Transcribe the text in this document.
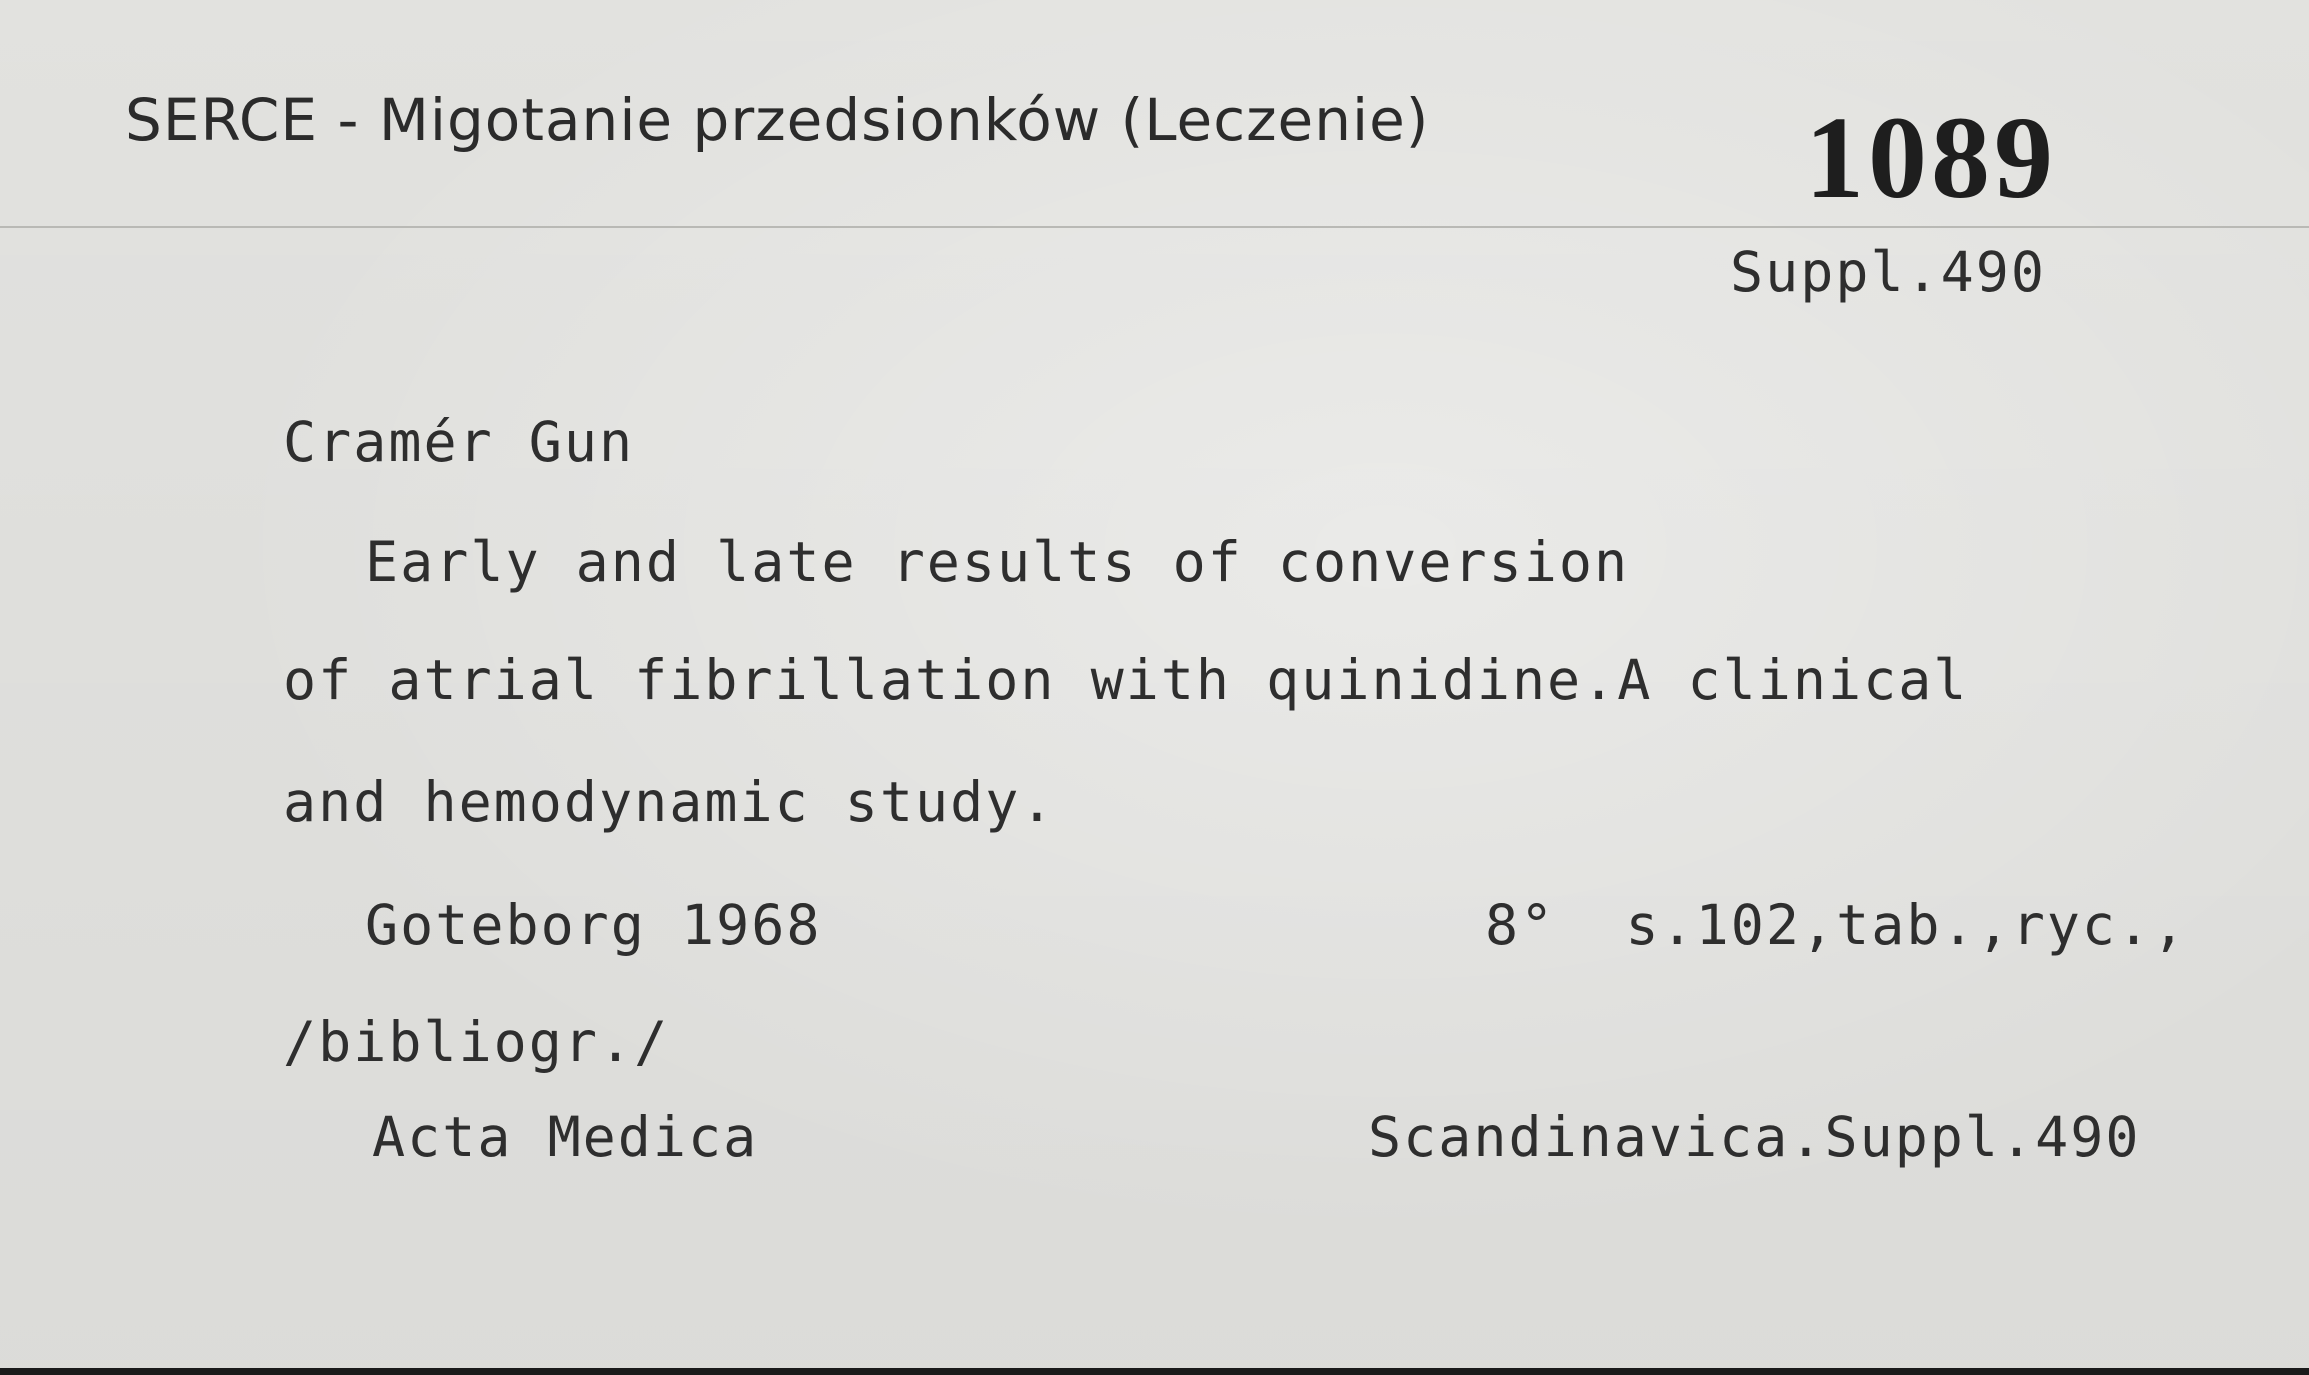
SERCE - Migotanie przedsionków (Leczenie)	1089
Suppl.490
Cramér Gun
Early and late results of conversion
of atrial fibrillation with quinidine.A clinical
and hemodynamic study.
Goteborg 1968	8°  s.102,tab.,ryc.,
/bibliogr./
Acta Medica	Scandinavica.Suppl.490
